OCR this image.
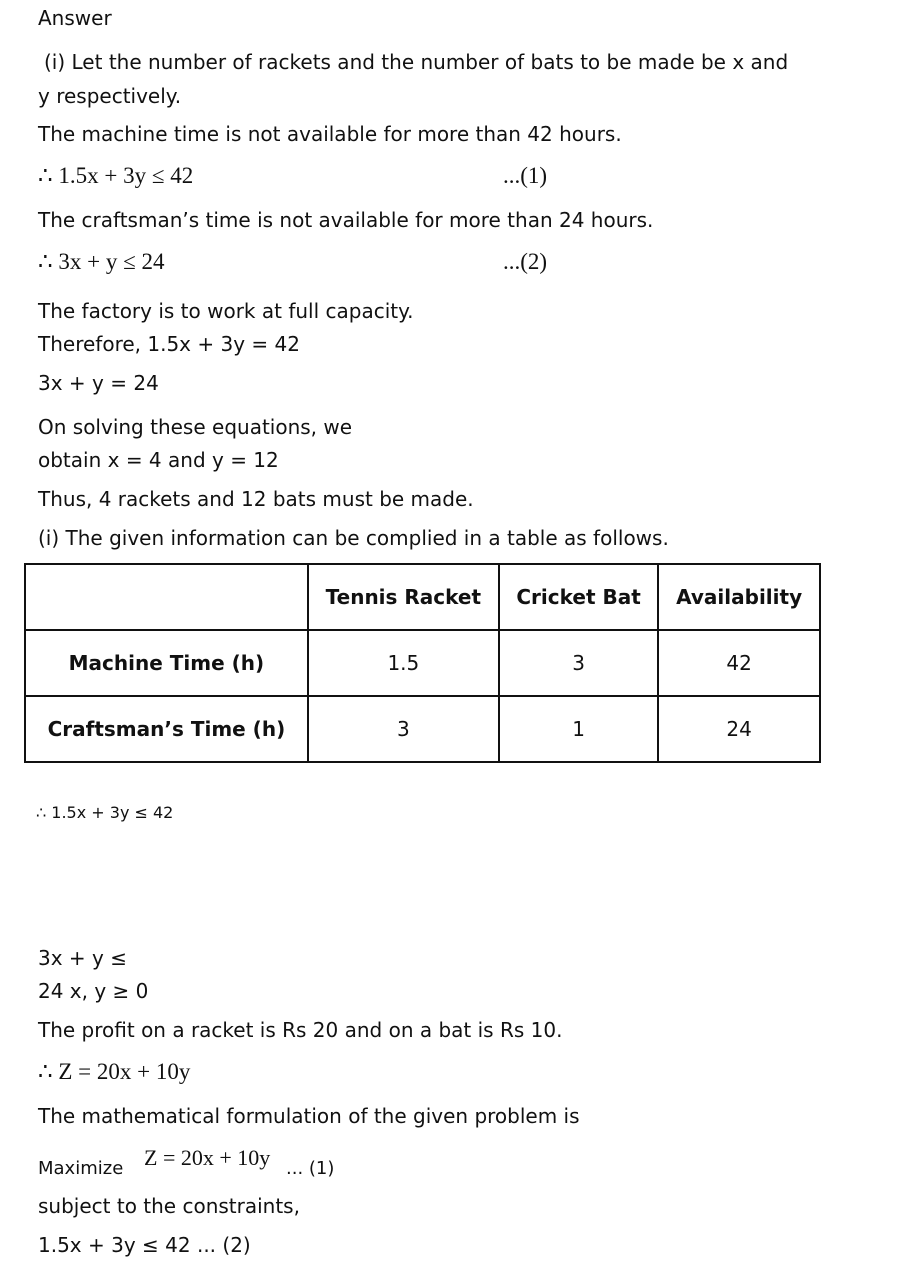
Answer
(i) Let the number of rackets and the number of bats to be made be x and
y respectively.
The machine time is not available for more than 42 hours.
∴ 1.5x + 3y ≤ 42	...(1)
The craftsman’s time is not available for more than 24 hours.
∴ 3x + y ≤ 24	...(2)
The factory is to work at full capacity.
Therefore, 1.5x + 3y = 42
3x + y = 24
On solving these equations, we
obtain x = 4 and y = 12
Thus, 4 rackets and 12 bats must be made.
(i) The given information can be complied in a table as follows.
	Tennis Racket	Cricket Bat	Availability
Machine Time (h)	1.5	3	42
Craftsman’s Time (h)	3	1	24
∴ 1.5x + 3y ≤ 42
3x + y ≤
24 x, y ≥ 0
The profit on a racket is Rs 20 and on a bat is Rs 10.
∴ Z = 20x + 10y
The mathematical formulation of the given problem is
Maximize Z = 20x + 10y ... (1)
subject to the constraints,
1.5x + 3y ≤ 42 ... (2)
